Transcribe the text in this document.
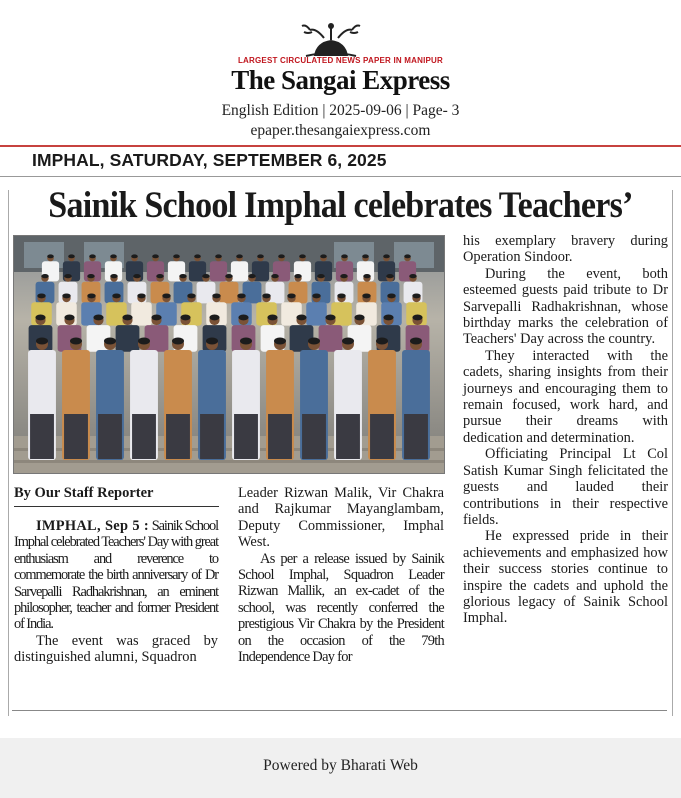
LARGEST CIRCULATED NEWS PAPER IN MANIPUR
The Sangai Express
English Edition | 2025-09-06 | Page- 3
epaper.thesangaiexpress.com
IMPHAL, SATURDAY, SEPTEMBER 6, 2025
Sainik School Imphal celebrates Teachers’
By Our Staff Reporter

IMPHAL, Sep 5 : Sainik School Imphal celebrated Teachers' Day with great enthusiasm and reverence to commemorate the birth anniversary of Dr Sarvepalli Radhakrishnan, an eminent philosopher, teacher and former President of India.

The event was graced by distinguished alumni, Squadron

Leader Rizwan Malik, Vir Chakra and Rajkumar Mayanglambam, Deputy Commissioner, Imphal West.

As per a release issued by Sainik School Imphal, Squadron Leader Rizwan Mallik, an ex-cadet of the school, was recently conferred the prestigious Vir Chakra by the President on the occasion of the 79th Independence Day for

his exemplary bravery during Operation Sindoor.

During the event, both esteemed guests paid tribute to Dr Sarvepalli Radhakrishnan, whose birthday marks the celebration of Teachers' Day across the country.

They interacted with the cadets, sharing insights from their journeys and encouraging them to remain focused, work hard, and pursue their dreams with dedication and determination.

Officiating Principal Lt Col Satish Kumar Singh felicitated the guests and lauded their contributions in their respective fields.

He expressed pride in their achievements and emphasized how their success stories continue to inspire the cadets and uphold the glorious legacy of Sainik School Imphal.

Powered by Bharati Web
